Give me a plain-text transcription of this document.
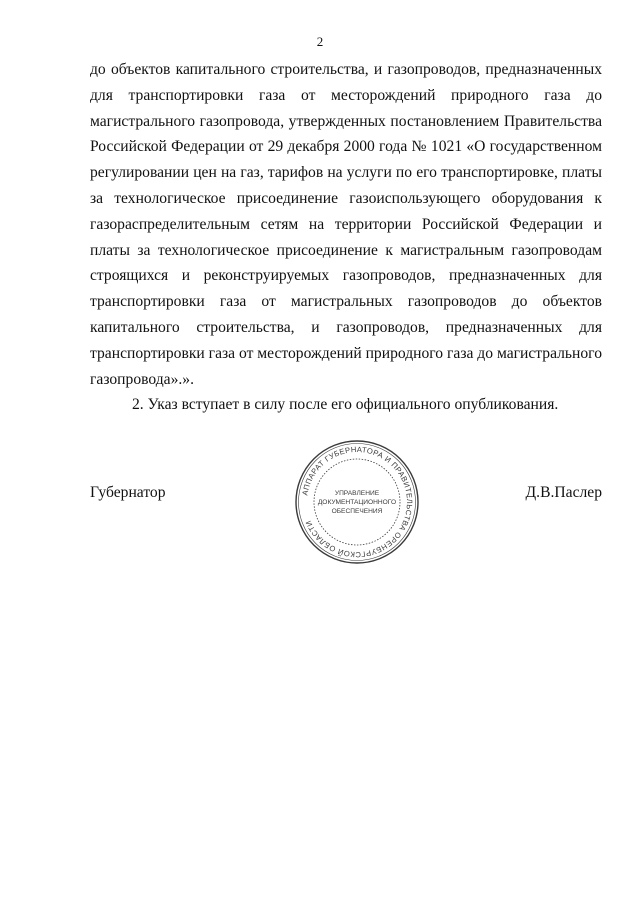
2

до объектов капитального строительства, и газопроводов, предназначенных для транспортировки газа от месторождений природного газа до магистрального газопровода, утвержденных постановлением Правительства Российской Федерации от 29 декабря 2000 года № 1021 «О государственном регулировании цен на газ, тарифов на услуги по его транспортировке, платы за технологическое присоединение газоиспользующего оборудования к газораспределительным сетям на территории Российской Федерации и платы за технологическое присоединение к магистральным газопроводам строящихся и реконструируемых газопроводов, предназначенных для транспортировки газа от магистральных газопроводов до объектов капитального строительства, и газопроводов, предназначенных для транспортировки газа от месторождений природного газа до магистрального газопровода».».

2. Указ вступает в силу после его официального опубликования.

Губернатор	Д.В.Паслер
АППАРАТ ГУБЕРНАТОРА И ПРАВИТЕЛЬСТВА ОРЕНБУРГСКОЙ ОБЛАСТИ
УПРАВЛЕНИЕ
ДОКУМЕНТАЦИОННОГО
ОБЕСПЕЧЕНИЯ
